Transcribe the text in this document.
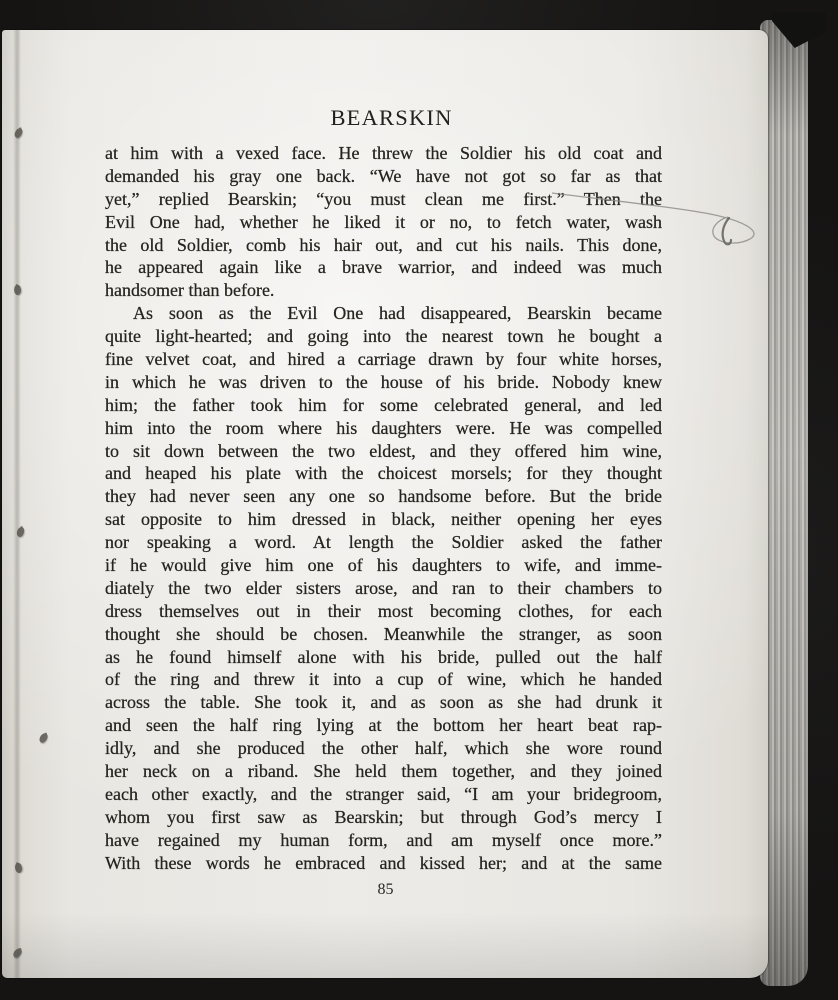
BEARSKIN
at him with a vexed face. He threw the Soldier his old coat and
demanded his gray one back. “We have not got so far as that
yet,” replied Bearskin; “you must clean me first.” Then the
Evil One had, whether he liked it or no, to fetch water, wash
the old Soldier, comb his hair out, and cut his nails. This done,
he appeared again like a brave warrior, and indeed was much
handsomer than before.
As soon as the Evil One had disappeared, Bearskin became
quite light-hearted; and going into the nearest town he bought a
fine velvet coat, and hired a carriage drawn by four white horses,
in which he was driven to the house of his bride. Nobody knew
him; the father took him for some celebrated general, and led
him into the room where his daughters were. He was compelled
to sit down between the two eldest, and they offered him wine,
and heaped his plate with the choicest morsels; for they thought
they had never seen any one so handsome before. But the bride
sat opposite to him dressed in black, neither opening her eyes
nor speaking a word. At length the Soldier asked the father
if he would give him one of his daughters to wife, and imme-
diately the two elder sisters arose, and ran to their chambers to
dress themselves out in their most becoming clothes, for each
thought she should be chosen. Meanwhile the stranger, as soon
as he found himself alone with his bride, pulled out the half
of the ring and threw it into a cup of wine, which he handed
across the table. She took it, and as soon as she had drunk it
and seen the half ring lying at the bottom her heart beat rap-
idly, and she produced the other half, which she wore round
her neck on a riband. She held them together, and they joined
each other exactly, and the stranger said, “I am your bridegroom,
whom you first saw as Bearskin; but through God’s mercy I
have regained my human form, and am myself once more.”
With these words he embraced and kissed her; and at the same
85
